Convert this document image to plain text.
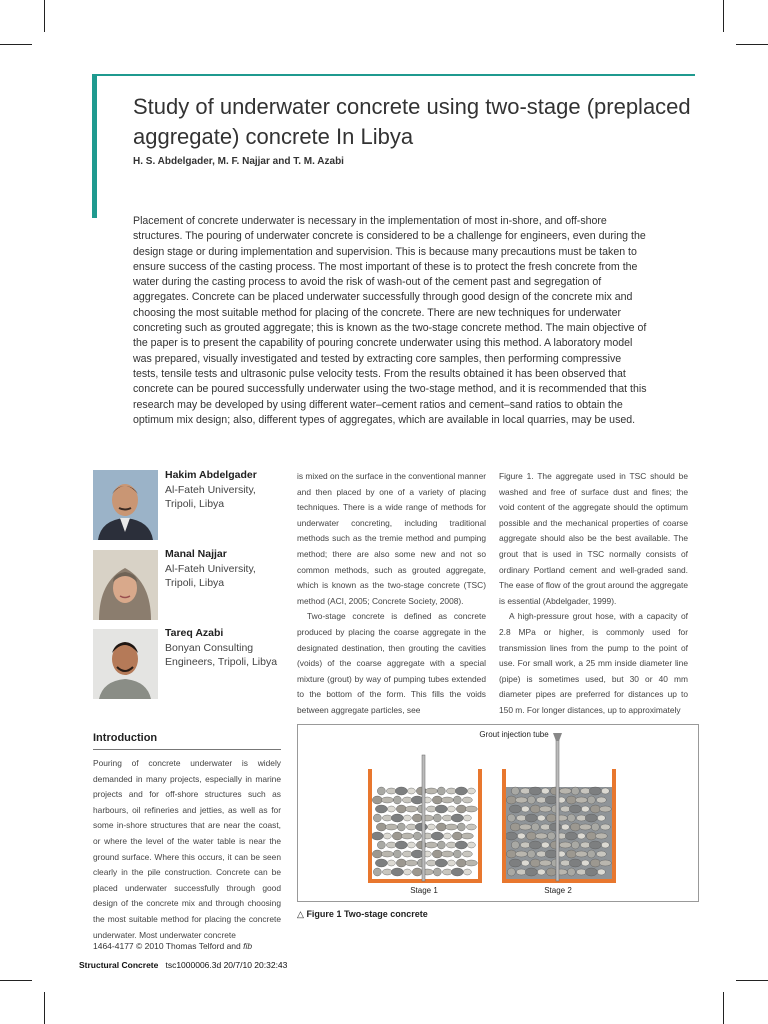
Study of underwater concrete using two-stage (preplaced aggregate) concrete In Libya

H. S. Abdelgader, M. F. Najjar and T. M. Azabi

Placement of concrete underwater is necessary in the implementation of most in-shore, and off-shore structures. The pouring of underwater concrete is considered to be a challenge for engineers, even during the design stage or during implementation and supervision. This is because many precautions must be taken to ensure success of the casting process. The most important of these is to protect the fresh concrete from the water during the casting process to avoid the risk of wash-out of the cement past and segregation of aggregates. Concrete can be placed underwater successfully through good design of the concrete mix and choosing the most suitable method for placing of the concrete. There are new techniques for underwater concreting such as grouted aggregate; this is known as the two-stage concrete method. The main objective of the paper is to present the capability of pouring concrete underwater using this method. A laboratory model was prepared, visually investigated and tested by extracting core samples, then performing compressive tests, tensile tests and ultrasonic pulse velocity tests. From the results obtained it has been observed that concrete can be poured successfully underwater using the two-stage method, and it is recommended that this research may be developed by using different water–cement ratios and cement–sand ratios to obtain the optimum mix design; also, different types of aggregates, which are available in local quarries, may be used.

Hakim Abdelgader
Al-Fateh University,
Tripoli, Libya
Manal Najjar
Al-Fateh University,
Tripoli, Libya
Tareq Azabi
Bonyan Consulting
Engineers, Tripoli, Libya
Introduction

Pouring of concrete underwater is widely demanded in many projects, especially in marine projects and for off-shore structures such as harbours, oil refineries and jetties, as well as for some in-shore structures that are near the coast, or where the level of the water table is near the ground surface. Where this occurs, it can be seen clearly in the pile construction. Concrete can be placed underwater successfully through good design of the concrete mix and through choosing the most suitable method for placing the concrete underwater. Most underwater concrete

is mixed on the surface in the conventional manner and then placed by one of a variety of placing techniques. There is a wide range of methods for underwater concreting, including traditional methods such as the tremie method and pumping method; there are also some new and not so common methods, such as grouted aggregate, which is known as the two-stage concrete (TSC) method (ACI, 2005; Concrete Society, 2008).

Two-stage concrete is defined as concrete produced by placing the coarse aggregate in the designated destination, then grouting the cavities (voids) of the coarse aggregate with a special mixture (grout) by way of pumping tubes extended to the bottom of the form. This fills the voids between aggregate particles, see

Figure 1. The aggregate used in TSC should be washed and free of surface dust and fines; the void content of the aggregate should the optimum possible and the mechanical properties of coarse aggregate should also be the best available. The grout that is used in TSC normally consists of ordinary Portland cement and well-graded sand. The ease of flow of the grout around the aggregate is essential (Abdelgader, 1999).

A high-pressure grout hose, with a capacity of 2.8 MPa or higher, is commonly used for transmission lines from the pump to the point of use. For small work, a 25 mm inside diameter line (pipe) is sometimes used, but 30 or 40 mm diameter pipes are preferred for distances up to 150 m. For longer distances, up to approximately

Grout injection tube
Stage 1	Stage 2
△ Figure 1 Two-stage concrete
1464-4177 © 2010 Thomas Telford and fib
Structural Concrete tsc1000006.3d 20/7/10 20:32:43
